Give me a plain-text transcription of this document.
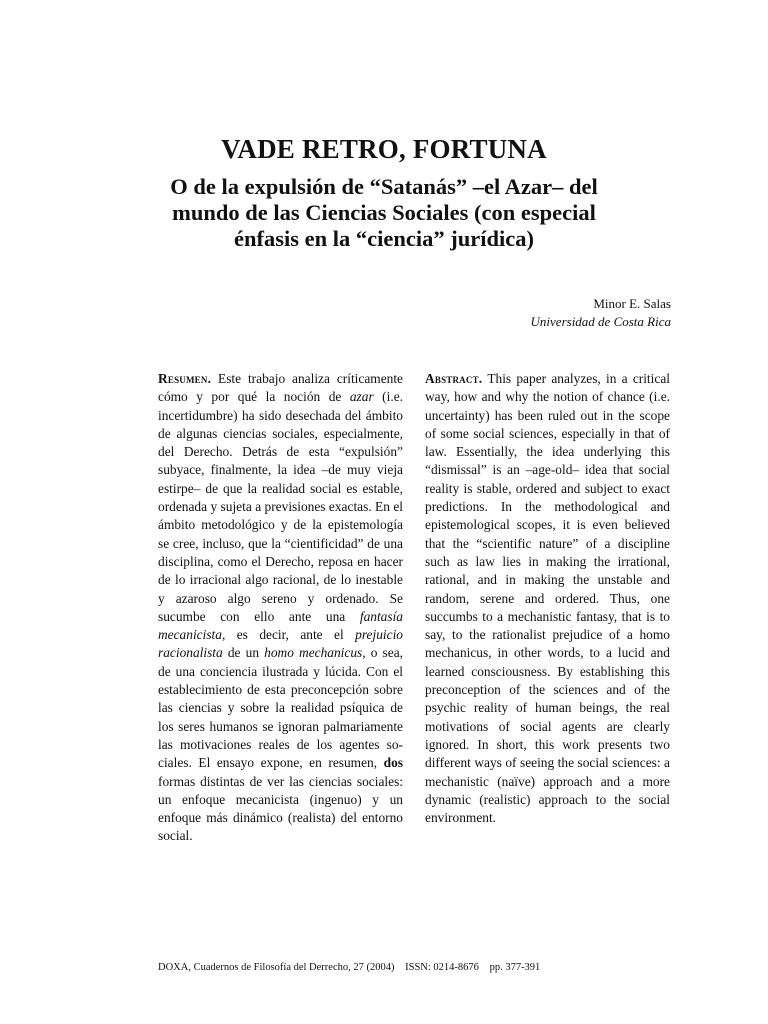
VADE RETRO, FORTUNA
O de la expulsión de “Satanás” –el Azar– del mundo de las Ciencias Sociales (con especial énfasis en la “ciencia” jurídica)
Minor E. Salas
Universidad de Costa Rica
Resumen. Este trabajo analiza críticamente cómo y por qué la noción de azar (i.e. incertidumbre) ha sido desechada del ámbito de algunas ciencias sociales, especialmente, del Derecho. Detrás de esta “expulsión” subyace, finalmente, la idea –de muy vieja estirpe– de que la realidad social es estable, ordenada y sujeta a previsiones exactas. En el ámbito metodológico y de la epistemología se cree, incluso, que la “cientificidad” de una disciplina, como el Derecho, reposa en hacer de lo irracional algo racional, de lo inestable y azaroso algo sereno y ordenado. Se sucumbe con ello ante una fantasía mecanicista, es decir, ante el prejuicio racionalista de un homo mechanicus, o sea, de una conciencia ilustrada y lúcida. Con el establecimiento de esta preconcepción sobre las ciencias y sobre la realidad psíquica de los seres humanos se ignoran palmariamente las motivaciones reales de los agentes sociales. El ensayo expone, en resumen, dos formas distintas de ver las ciencias sociales: un enfoque mecanicista (ingenuo) y un enfoque más dinámico (realista) del entorno social.
Abstract. This paper analyzes, in a critical way, how and why the notion of chance (i.e. uncertainty) has been ruled out in the scope of some social sciences, especially in that of law. Essentially, the idea underlying this “dismissal” is an –age-old– idea that social reality is stable, ordered and subject to exact predictions. In the methodological and epistemological scopes, it is even believed that the “scientific nature” of a discipline such as law lies in making the irrational, rational, and in making the unstable and random, serene and ordered. Thus, one succumbs to a mechanistic fantasy, that is to say, to the rationalist prejudice of a homo mechanicus, in other words, to a lucid and learned consciousness. By establishing this preconception of the sciences and of the psychic reality of human beings, the real motivations of social agents are clearly ignored. In short, this work presents two different ways of seeing the social sciences: a mechanistic (naïve) approach and a more dynamic (realistic) approach to the social environment.
DOXA, Cuadernos de Filosofía del Derrecho, 27 (2004) ISSN: 0214-8676 pp. 377-391
